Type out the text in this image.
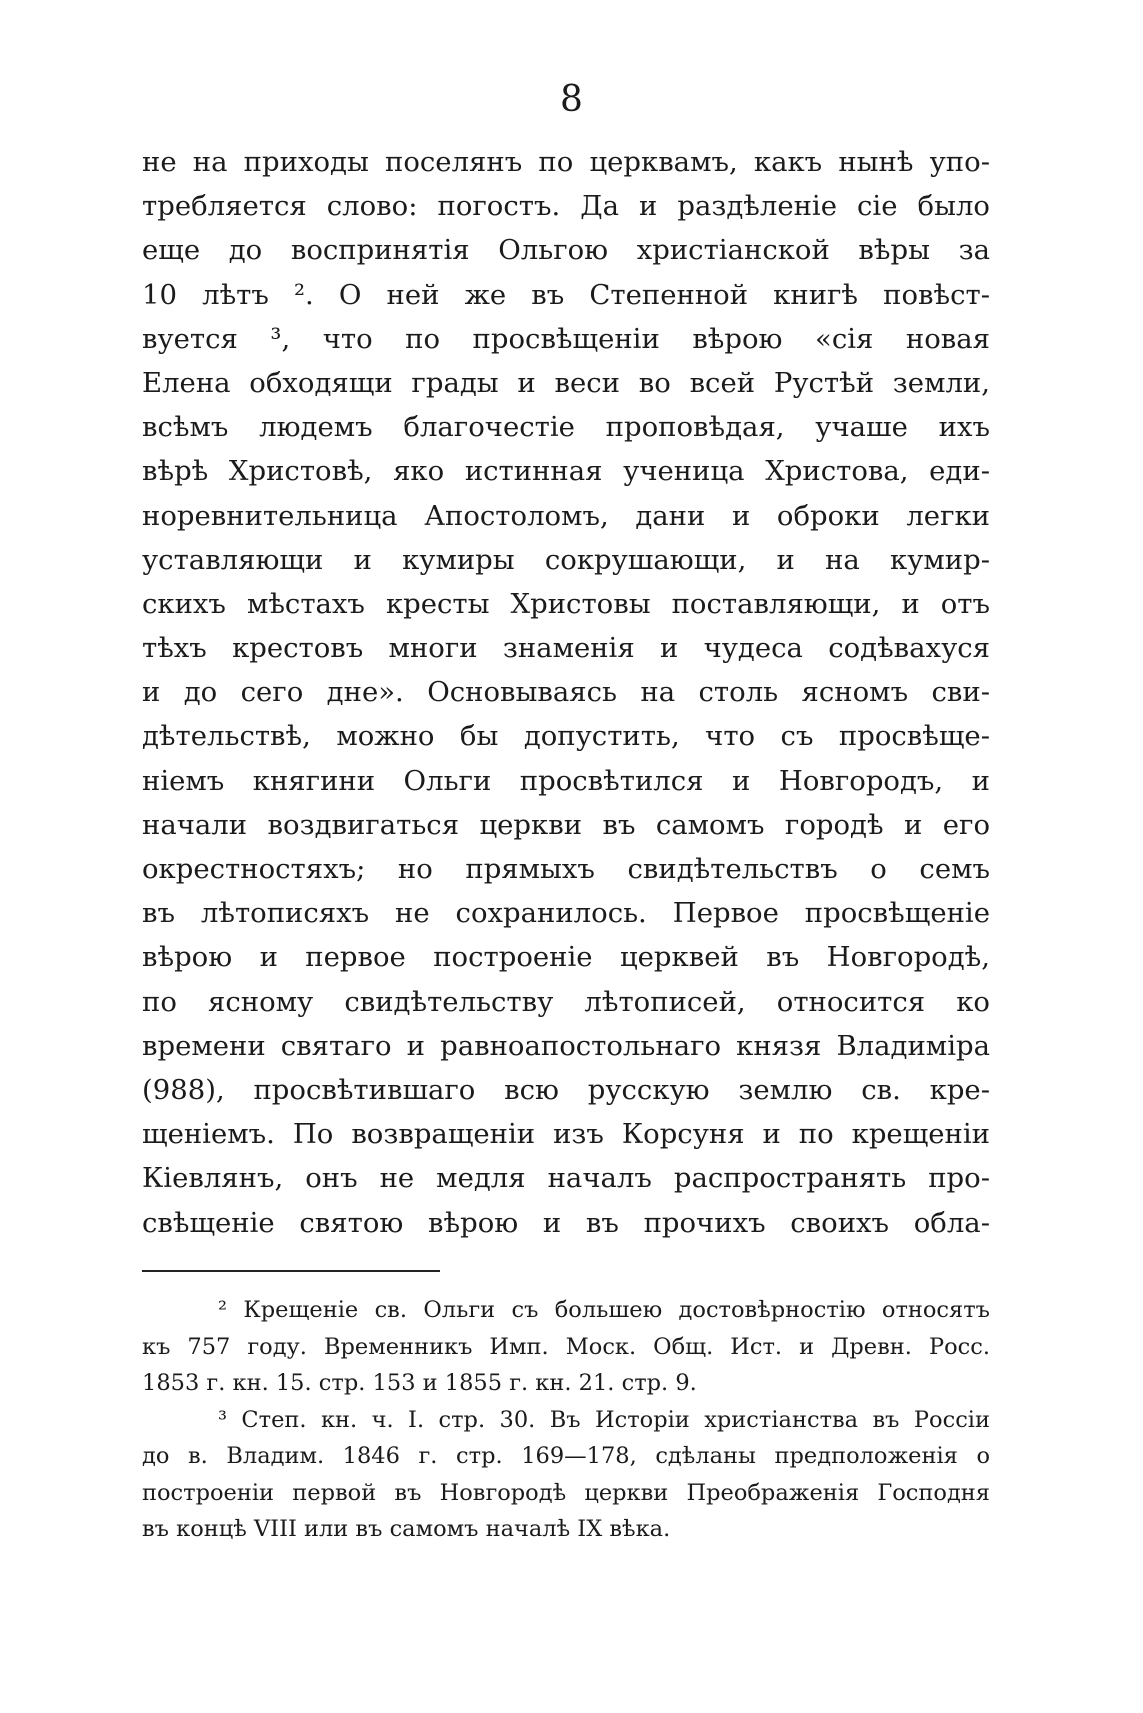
8
не на приходы поселянъ по церквамъ, какъ нынѣ упо-
требляется слово: погостъ. Да и раздѣленіе сіе было
еще до воспринятія Ольгою христіанской вѣры за
10 лѣтъ ². О ней же въ Степенной книгѣ повѣст-
вуется ³, что по просвѣщеніи вѣрою «сія новая
Елена обходящи грады и веси во всей Рустѣй земли,
всѣмъ людемъ благочестіе проповѣдая, учаше ихъ
вѣрѣ Христовѣ, яко истинная ученица Христова, еди-
норевнительница Апостоломъ, дани и оброки легки
уставляющи и кумиры сокрушающи, и на кумир-
скихъ мѣстахъ кресты Христовы поставляющи, и отъ
тѣхъ крестовъ многи знаменія и чудеса содѣвахуся
и до сего дне». Основываясь на столь ясномъ сви-
дѣтельствѣ, можно бы допустить, что съ просвѣще-
ніемъ княгини Ольги просвѣтился и Новгородъ, и
начали воздвигаться церкви въ самомъ городѣ и его
окрестностяхъ; но прямыхъ свидѣтельствъ о семъ
въ лѣтописяхъ не сохранилось. Первое просвѣщеніе
вѣрою и первое построеніе церквей въ Новгородѣ,
по ясному свидѣтельству лѣтописей, относится ко
времени святаго и равноапостольнаго князя Владиміра
(988), просвѣтившаго всю русскую землю св. кре-
щеніемъ. По возвращеніи изъ Корсуня и по крещеніи
Кіевлянъ, онъ не медля началъ распространять про-
свѣщеніе святою вѣрою и въ прочихъ своихъ обла-
² Крещеніе св. Ольги съ большею достовѣрностію относятъ
къ 757 году. Временникъ Имп. Моск. Общ. Ист. и Древн. Росс.
1853 г. кн. 15. стр. 153 и 1855 г. кн. 21. стр. 9.
³ Степ. кн. ч. I. стр. 30. Въ Исторіи христіанства въ Россіи
до в. Владим. 1846 г. стр. 169—178, сдѣланы предположенія о
построеніи первой въ Новгородѣ церкви Преображенія Господня
въ концѣ VIII или въ самомъ началѣ IX вѣка.
